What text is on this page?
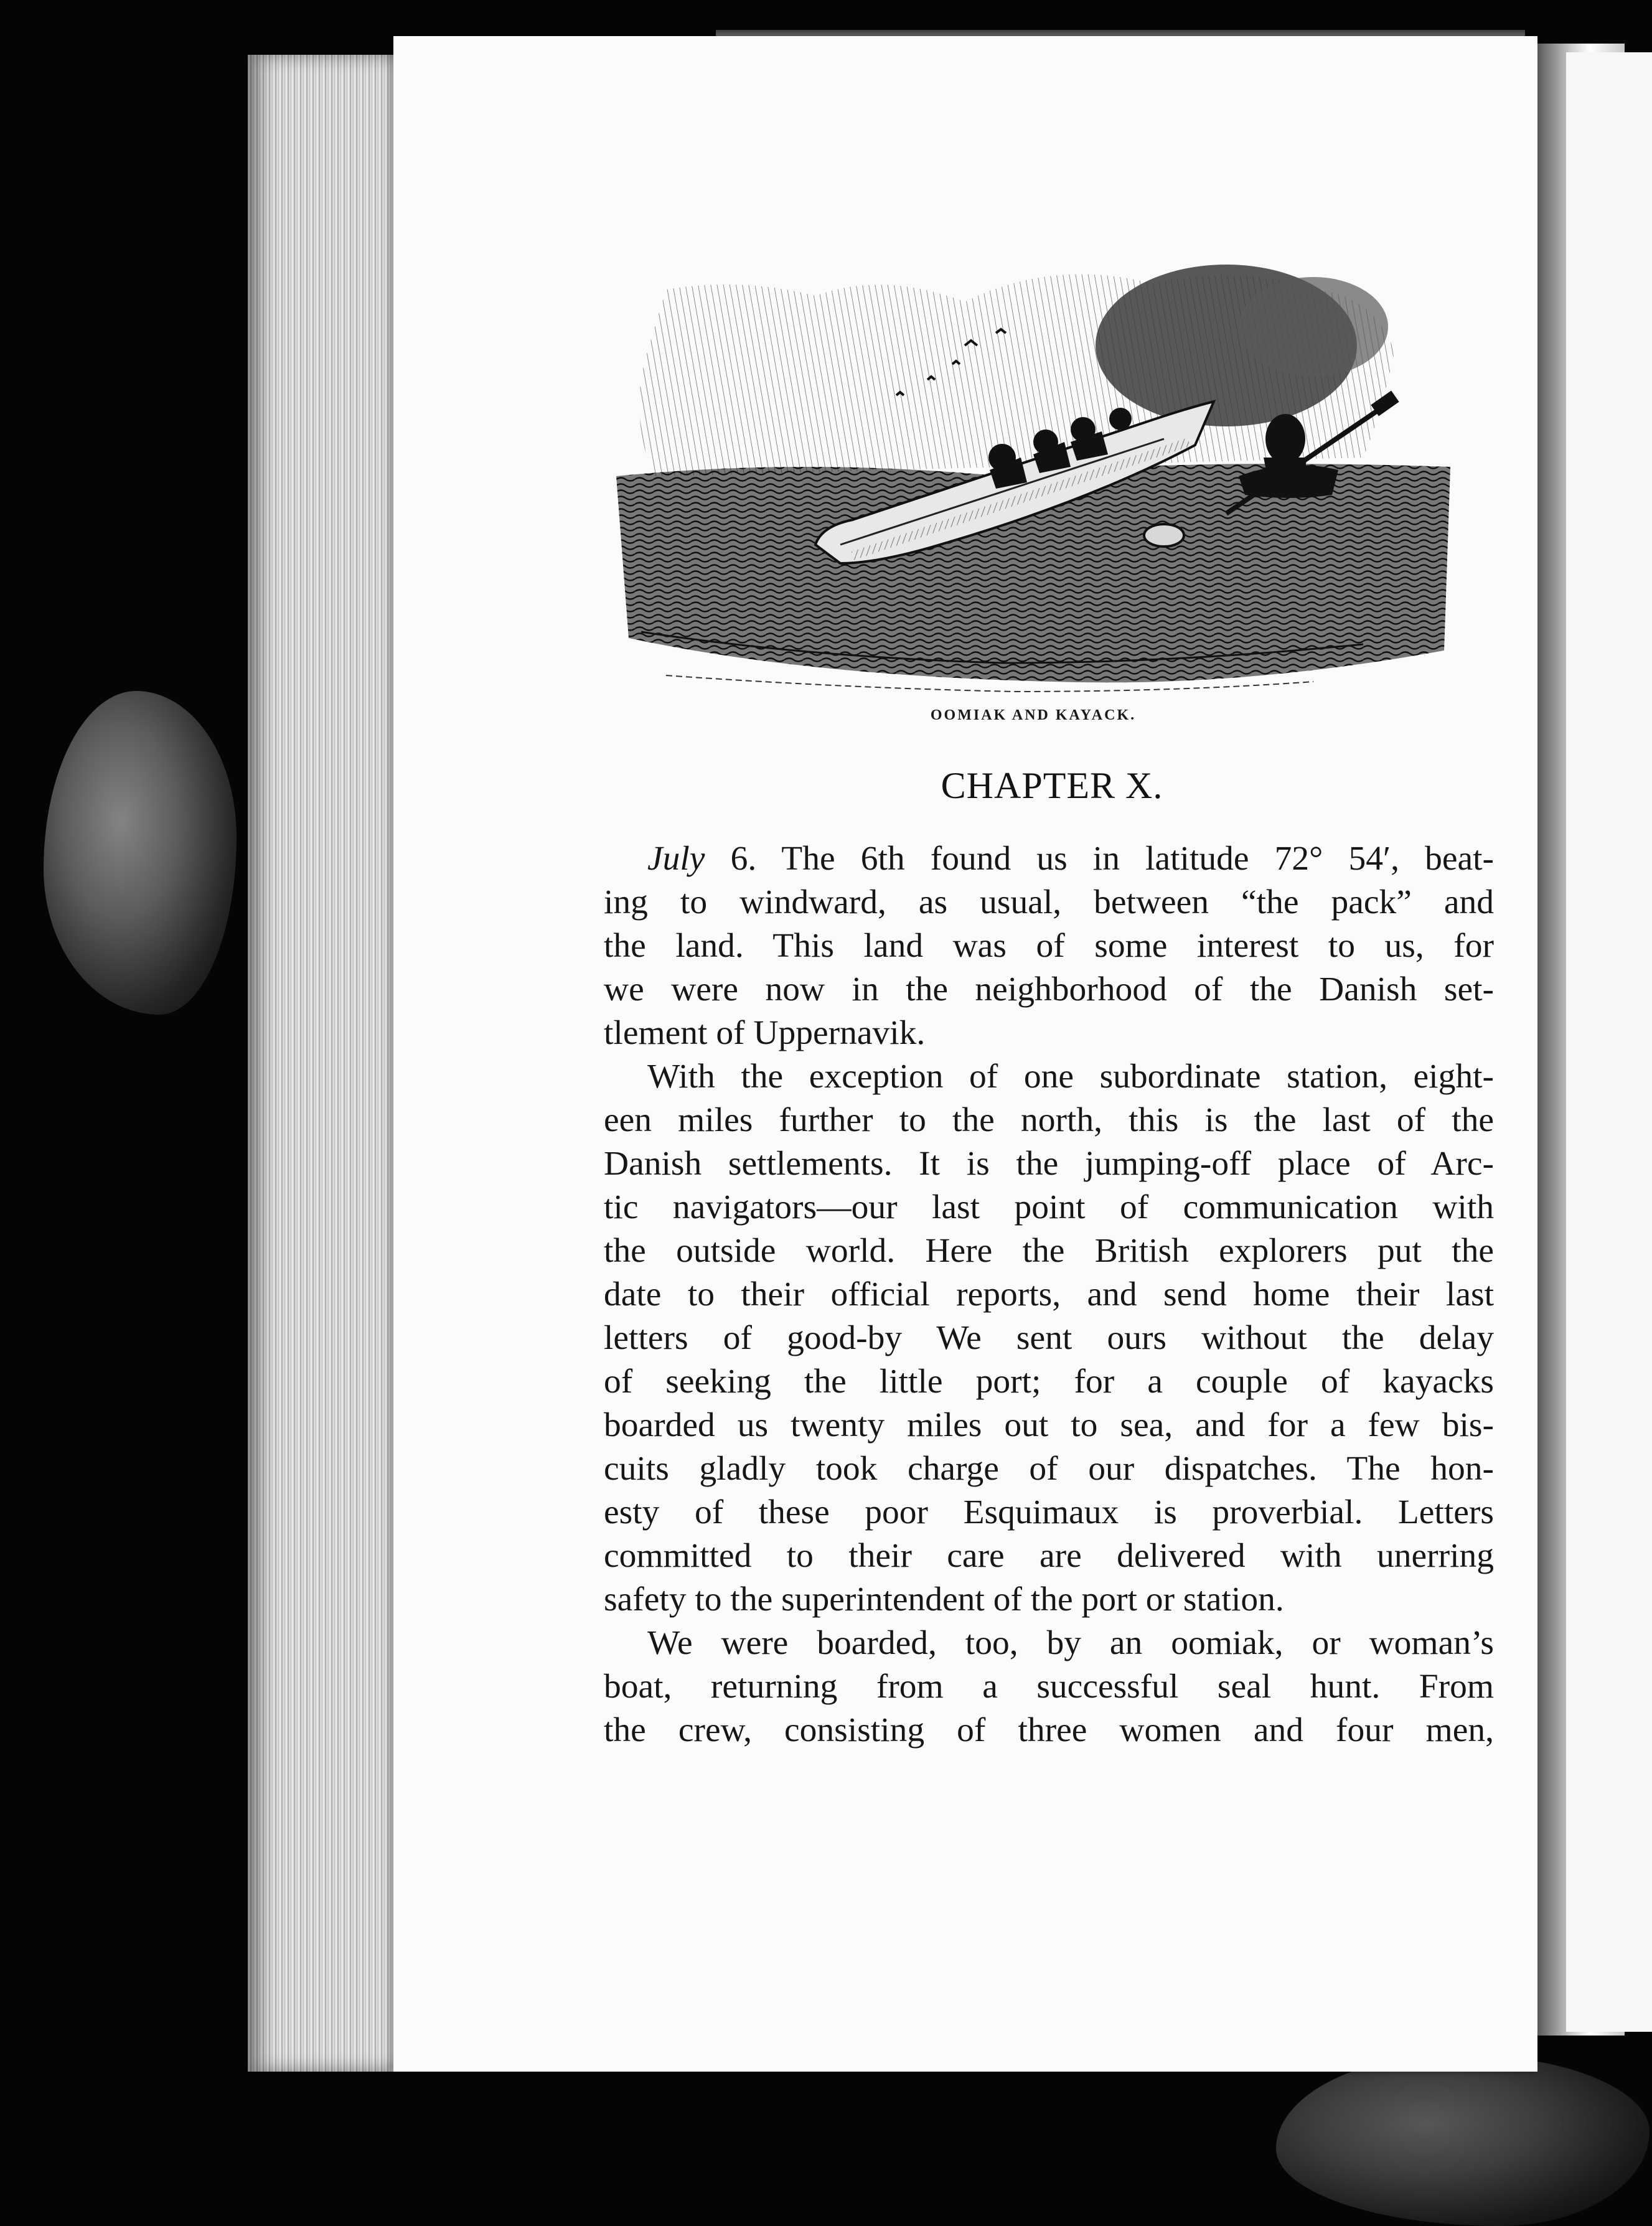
OOMIAK AND KAYACK.
CHAPTER X.
July 6. The 6th found us in latitude 72° 54′, beat-
ing to windward, as usual, between “the pack” and
the land. This land was of some interest to us, for
we were now in the neighborhood of the Danish set-
tlement of Uppernavik.
With the exception of one subordinate station, eight-
een miles further to the north, this is the last of the
Danish settlements. It is the jumping-off place of Arc-
tic navigators—our last point of communication with
the outside world. Here the British explorers put the
date to their official reports, and send home their last
letters of good-by We sent ours without the delay
of seeking the little port; for a couple of kayacks
boarded us twenty miles out to sea, and for a few bis-
cuits gladly took charge of our dispatches. The hon-
esty of these poor Esquimaux is proverbial. Letters
committed to their care are delivered with unerring
safety to the superintendent of the port or station.
We were boarded, too, by an oomiak, or woman’s
boat, returning from a successful seal hunt. From
the crew, consisting of three women and four men,
